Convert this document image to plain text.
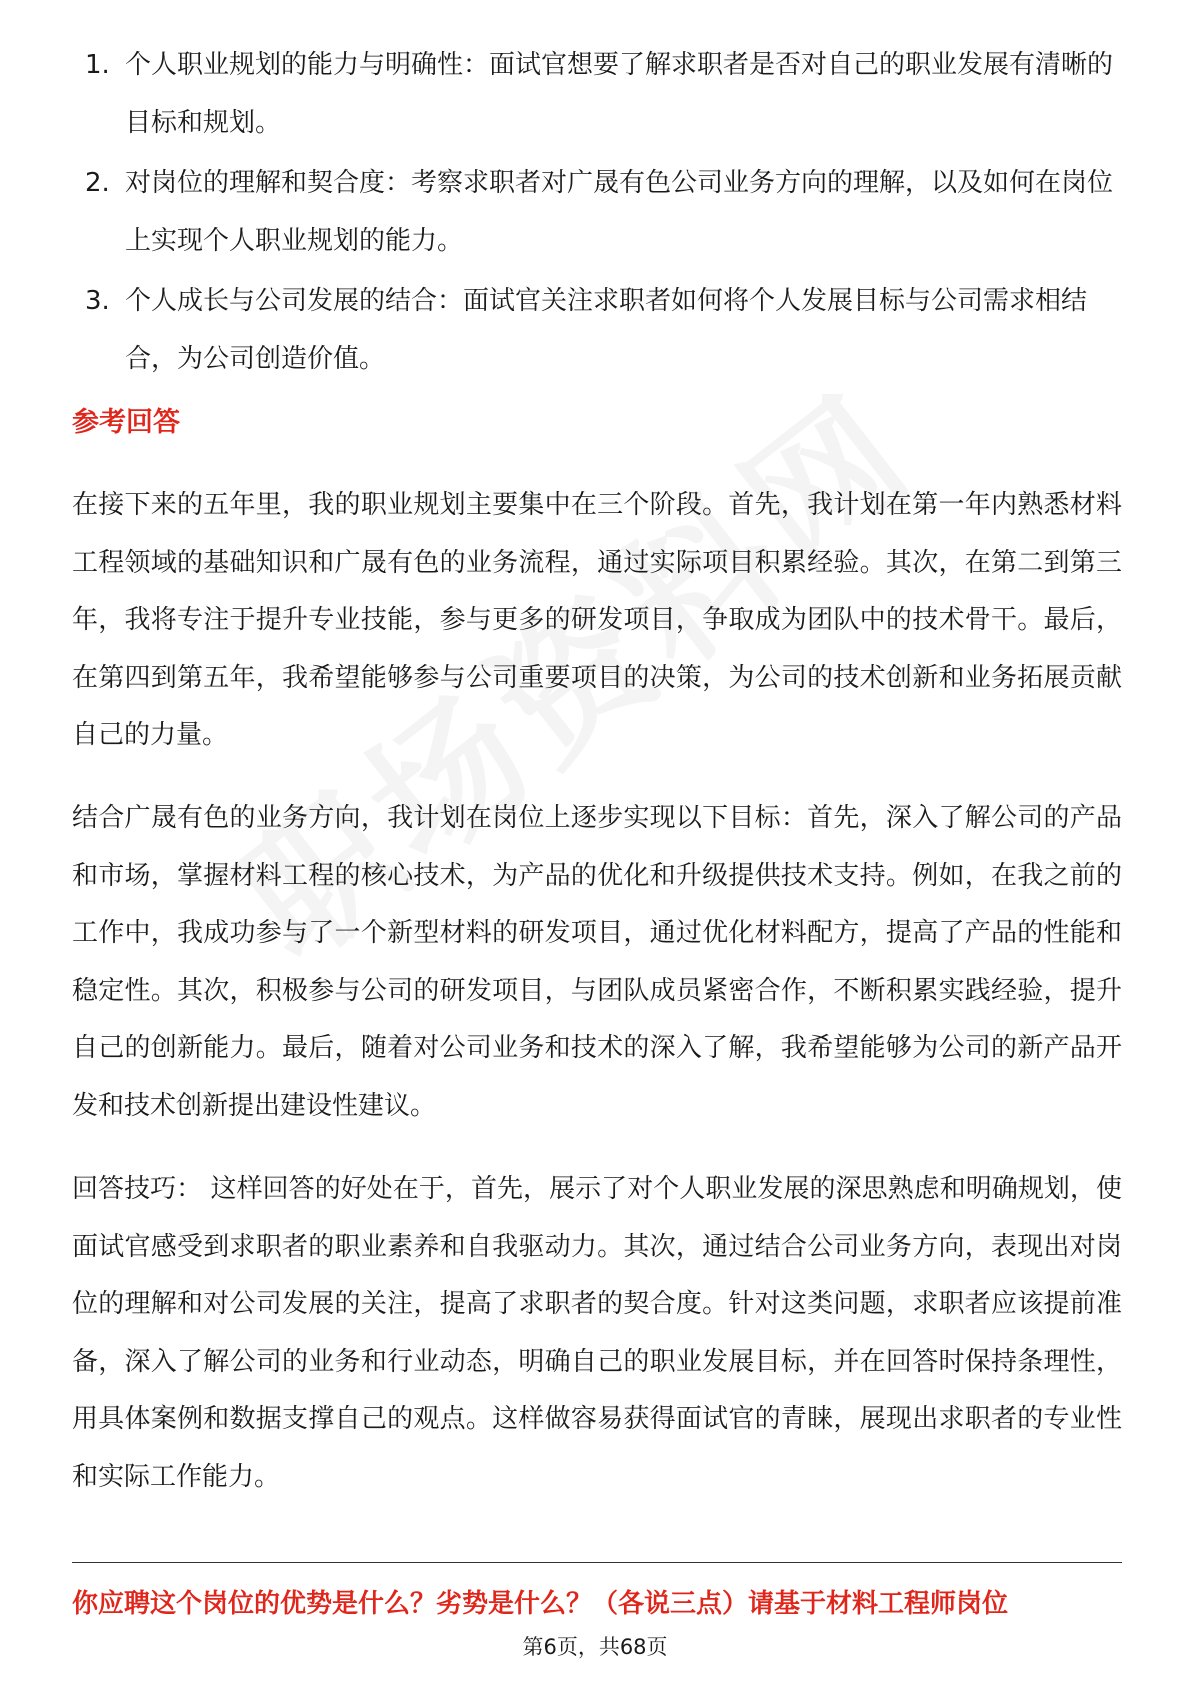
1. 个人职业规划的能力与明确性：面试官想要了解求职者是否对自己的职业发展有清晰的目标和规划。
2. 对岗位的理解和契合度：考察求职者对广晟有色公司业务方向的理解，以及如何在岗位上实现个人职业规划的能力。
3. 个人成长与公司发展的结合：面试官关注求职者如何将个人发展目标与公司需求相结合，为公司创造价值。
参考回答

在接下来的五年里，我的职业规划主要集中在三个阶段。首先，我计划在第一年内熟悉材料工程领域的基础知识和广晟有色的业务流程，通过实际项目积累经验。其次，在第二到第三年，我将专注于提升专业技能，参与更多的研发项目，争取成为团队中的技术骨干。最后，在第四到第五年，我希望能够参与公司重要项目的决策，为公司的技术创新和业务拓展贡献自己的力量。

结合广晟有色的业务方向，我计划在岗位上逐步实现以下目标：首先，深入了解公司的产品和市场，掌握材料工程的核心技术，为产品的优化和升级提供技术支持。例如，在我之前的工作中，我成功参与了一个新型材料的研发项目，通过优化材料配方，提高了产品的性能和稳定性。其次，积极参与公司的研发项目，与团队成员紧密合作，不断积累实践经验，提升自己的创新能力。最后，随着对公司业务和技术的深入了解，我希望能够为公司的新产品开发和技术创新提出建设性建议。

回答技巧： 这样回答的好处在于，首先，展示了对个人职业发展的深思熟虑和明确规划，使面试官感受到求职者的职业素养和自我驱动力。其次，通过结合公司业务方向，表现出对岗位的理解和对公司发展的关注，提高了求职者的契合度。针对这类问题，求职者应该提前准备，深入了解公司的业务和行业动态，明确自己的职业发展目标，并在回答时保持条理性，用具体案例和数据支撑自己的观点。这样做容易获得面试官的青睐，展现出求职者的专业性和实际工作能力。

你应聘这个岗位的优势是什么？劣势是什么？（各说三点）请基于材料工程师岗位
第6页，共68页
